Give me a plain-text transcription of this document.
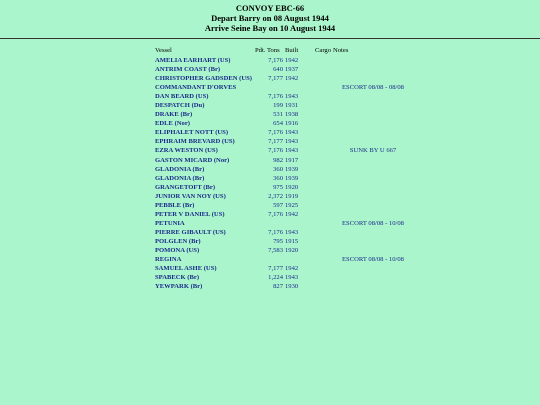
CONVOY EBC-66
Depart Barry on 08 August 1944
Arrive Seine Bay on 10 August 1944
Vessel	Pdt. Tons	Built	Cargo	Notes
AMELIA EARHART (US)	7,176	1942		
ANTRIM COAST (Br)	640	1937		
CHRISTOPHER GADSDEN (US)	7,177	1942		
COMMANDANT D'ORVES				ESCORT 08/08 - 08/08
DAN BEARD (US)	7,176	1943		
DESPATCH (Du)	199	1931		
DRAKE (Br)	531	1938		
EDLE (Nor)	654	1916		
ELIPHALET NOTT (US)	7,176	1943		
EPHRAIM BREVARD (US)	7,177	1943		
EZRA WESTON (US)	7,176	1943		SUNK BY U 667
GASTON MICARD (Nor)	982	1917		
GLADONIA (Br)	360	1939		
GLADONIA (Br)	360	1939		
GRANGETOFT (Br)	975	1920		
JUNIOR VAN NOY (US)	2,372	1919		
PEBBLE (Br)	597	1925		
PETER V DANIEL (US)	7,176	1942		
PETUNIA				ESCORT 08/08 - 10/08
PIERRE GIBAULT (US)	7,176	1943		
POLGLEN (Br)	795	1915		
POMONA (US)	7,583	1920		
REGINA				ESCORT 08/08 - 10/08
SAMUEL ASHE (US)	7,177	1942		
SPABECK (Br)	1,224	1943		
YEWPARK (Br)	827	1930		
